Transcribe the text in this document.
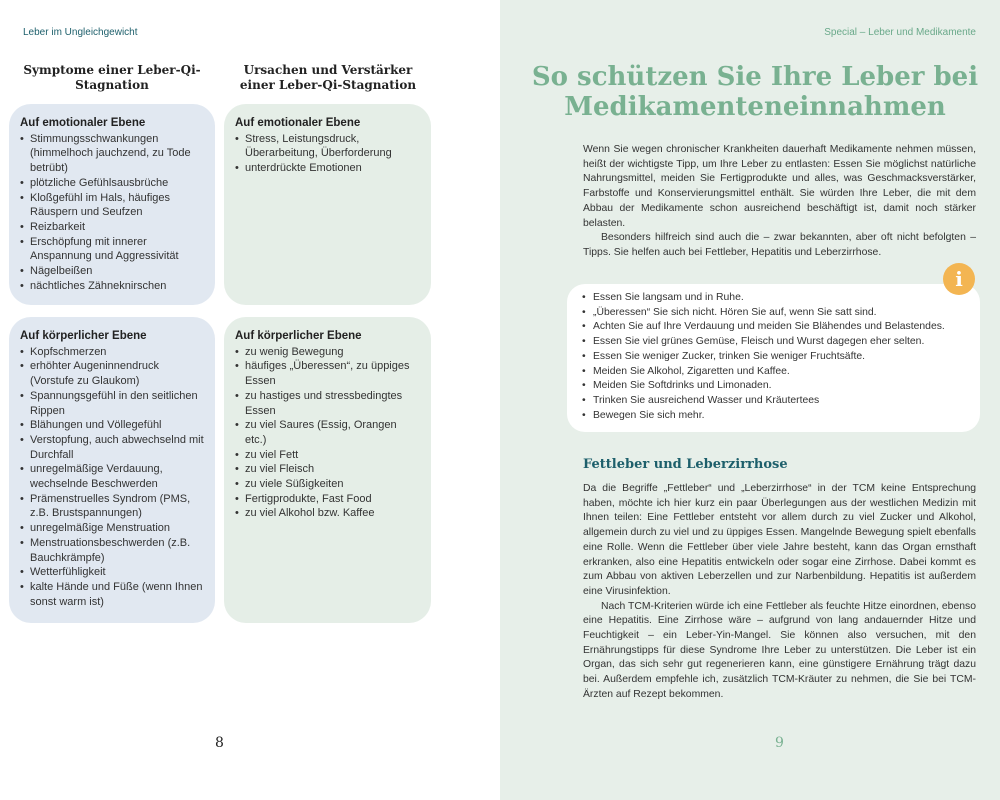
Leber im Ungleichgewicht
Symptome einer Leber-Qi-Stagnation
Ursachen und Verstärker einer Leber-Qi-Stagnation
Auf emotionaler Ebene
• Stimmungsschwankungen (himmelhoch jauchzend, zu Tode betrübt)
• plötzliche Gefühlsausbrüche
• Kloßgefühl im Hals, häufiges Räuspern und Seufzen
• Reizbarkeit
• Erschöpfung mit innerer Anspannung und Aggressivität
• Nägelbeißen
• nächtliches Zähneknirschen
Auf emotionaler Ebene
• Stress, Leistungsdruck, Überarbeitung, Überforderung
• unterdrückte Emotionen
Auf körperlicher Ebene
• Kopfschmerzen
• erhöhter Augeninnendruck (Vorstufe zu Glaukom)
• Spannungsgefühl in den seitlichen Rippen
• Blähungen und Völlegefühl
• Verstopfung, auch abwechselnd mit Durchfall
• unregelmäßige Verdauung, wechselnde Beschwerden
• Prämenstruelles Syndrom (PMS, z.B. Brustspannungen)
• unregelmäßige Menstruation
• Menstruationsbeschwerden (z.B. Bauchkrämpfe)
• Wetterfühligkeit
• kalte Hände und Füße (wenn Ihnen sonst warm ist)
Auf körperlicher Ebene
• zu wenig Bewegung
• häufiges „Überessen“, zu üppiges Essen
• zu hastiges und stressbedingtes Essen
• zu viel Saures (Essig, Orangen etc.)
• zu viel Fett
• zu viel Fleisch
• zu viele Süßigkeiten
• Fertigprodukte, Fast Food
• zu viel Alkohol bzw. Kaffee
8
Special – Leber und Medikamente
So schützen Sie Ihre Leber bei Medikamenteneinnahmen

Wenn Sie wegen chronischer Krankheiten dauerhaft Medikamente nehmen müssen, heißt der wichtigste Tipp, um Ihre Leber zu entlasten: Essen Sie möglichst natürliche Nahrungsmittel, meiden Sie Fertigprodukte und alles, was Geschmacksverstärker, Farbstoffe und Konservierungsmittel enthält. Sie würden Ihre Leber, die mit dem Abbau der Medikamente schon ausreichend beschäftigt ist, damit noch stärker belasten.

Besonders hilfreich sind auch die – zwar bekannten, aber oft nicht befolgten – Tipps. Sie helfen auch bei Fettleber, Hepatitis und Leberzirrhose.

• Essen Sie langsam und in Ruhe.
• „Überessen“ Sie sich nicht. Hören Sie auf, wenn Sie satt sind.
• Achten Sie auf Ihre Verdauung und meiden Sie Blähendes und Belastendes.
• Essen Sie viel grünes Gemüse, Fleisch und Wurst dagegen eher selten.
• Essen Sie weniger Zucker, trinken Sie weniger Fruchtsäfte.
• Meiden Sie Alkohol, Zigaretten und Kaffee.
• Meiden Sie Softdrinks und Limonaden.
• Trinken Sie ausreichend Wasser und Kräutertees
• Bewegen Sie sich mehr.
i
Fettleber und Leberzirrhose

Da die Begriffe „Fettleber“ und „Leberzirrhose“ in der TCM keine Entsprechung haben, möchte ich hier kurz ein paar Überlegungen aus der westlichen Medizin mit Ihnen teilen: Eine Fettleber entsteht vor allem durch zu viel Zucker und Alkohol, allgemein durch zu viel und zu üppiges Essen. Mangelnde Bewegung spielt ebenfalls eine Rolle. Wenn die Fettleber über viele Jahre besteht, kann das Organ ernsthaft erkranken, also eine Hepatitis entwickeln oder sogar eine Zirrhose. Dabei kommt es zum Abbau von aktiven Leberzellen und zur Narbenbildung. Hepatitis ist außerdem eine Virusinfektion.

Nach TCM-Kriterien würde ich eine Fettleber als feuchte Hitze einordnen, ebenso eine Hepatitis. Eine Zirrhose wäre – aufgrund von lang andauernder Hitze und Feuchtigkeit – ein Leber-Yin-Mangel. Sie können also versuchen, mit den Ernährungstipps für diese Syndrome Ihre Leber zu unterstützen. Die Leber ist ein Organ, das sich sehr gut regenerieren kann, eine günstigere Ernährung trägt dazu bei. Außerdem empfehle ich, zusätzlich TCM-Kräuter zu nehmen, die Sie bei TCM-Ärzten auf Rezept bekommen.

9
